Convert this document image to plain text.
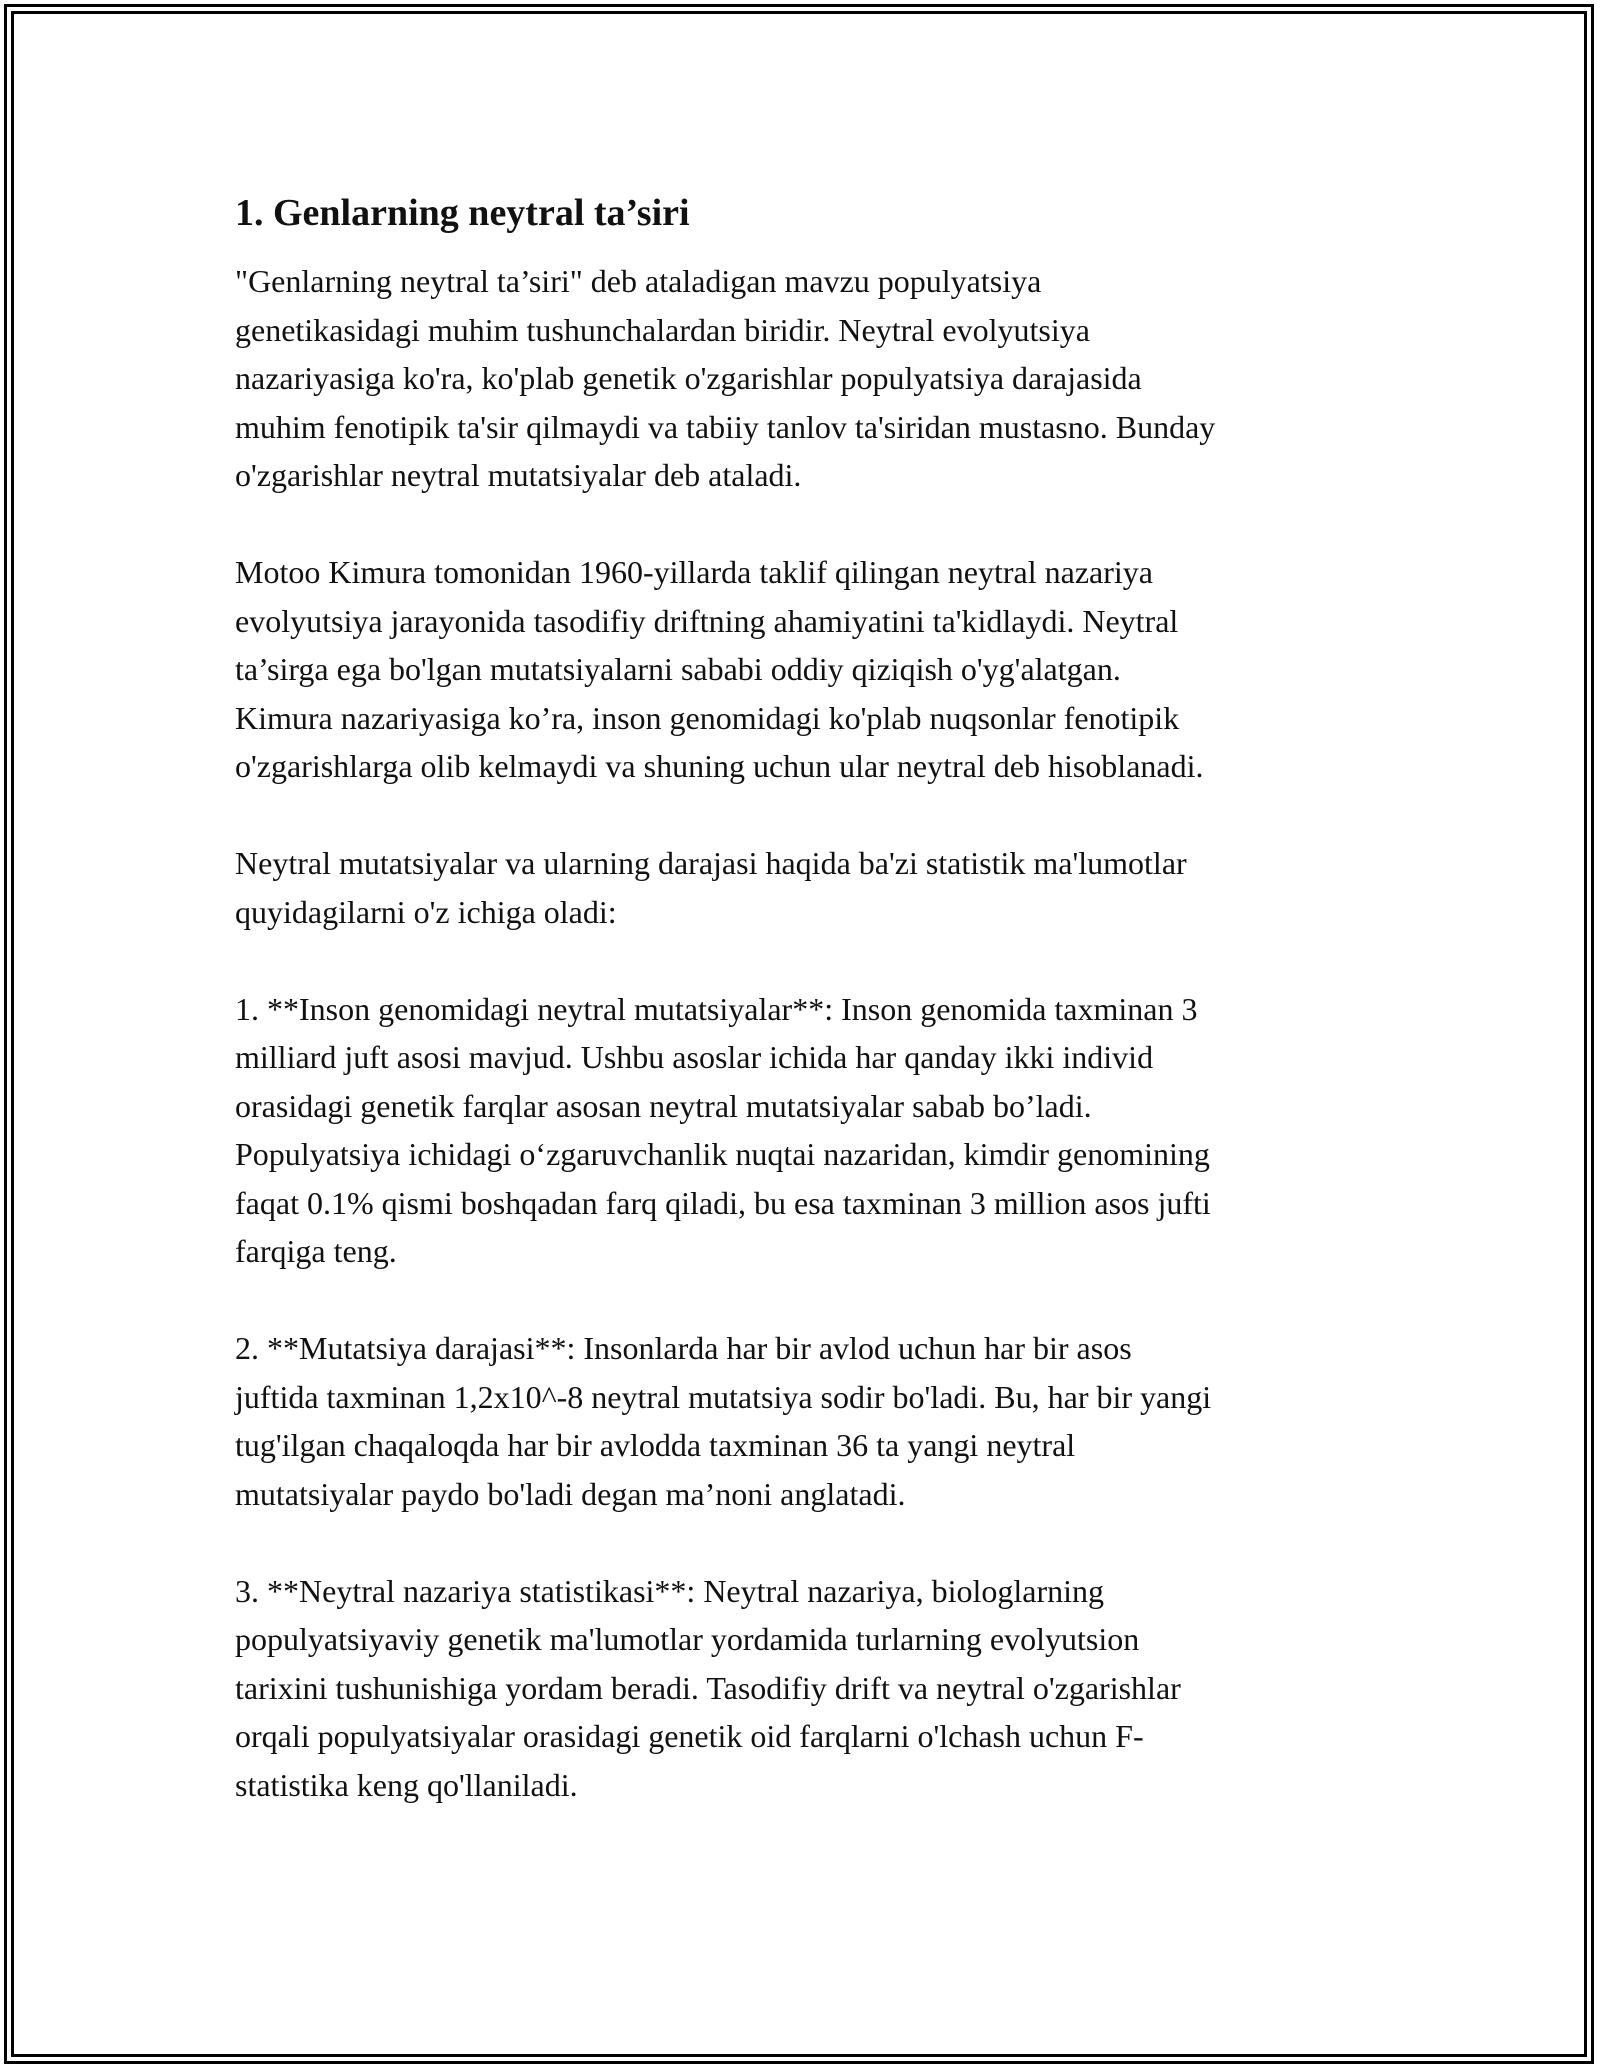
1. Genlarning neytral ta’siri

"Genlarning neytral ta’siri" deb ataladigan mavzu populyatsiya
genetikasidagi muhim tushunchalardan biridir. Neytral evolyutsiya
nazariyasiga ko'ra, ko'plab genetik o'zgarishlar populyatsiya darajasida
muhim fenotipik ta'sir qilmaydi va tabiiy tanlov ta'siridan mustasno. Bunday
o'zgarishlar neytral mutatsiyalar deb ataladi.

Motoo Kimura tomonidan 1960-yillarda taklif qilingan neytral nazariya
evolyutsiya jarayonida tasodifiy driftning ahamiyatini ta'kidlaydi. Neytral
ta’sirga ega bo'lgan mutatsiyalarni sababi oddiy qiziqish o'yg'alatgan.
Kimura nazariyasiga ko’ra, inson genomidagi ko'plab nuqsonlar fenotipik
o'zgarishlarga olib kelmaydi va shuning uchun ular neytral deb hisoblanadi.

Neytral mutatsiyalar va ularning darajasi haqida ba'zi statistik ma'lumotlar
quyidagilarni o'z ichiga oladi:

1. **Inson genomidagi neytral mutatsiyalar**: Inson genomida taxminan 3
milliard juft asosi mavjud. Ushbu asoslar ichida har qanday ikki individ
orasidagi genetik farqlar asosan neytral mutatsiyalar sabab bo’ladi.
Populyatsiya ichidagi o‘zgaruvchanlik nuqtai nazaridan, kimdir genomining
faqat 0.1% qismi boshqadan farq qiladi, bu esa taxminan 3 million asos jufti
farqiga teng.

2. **Mutatsiya darajasi**: Insonlarda har bir avlod uchun har bir asos
juftida taxminan 1,2x10^-8 neytral mutatsiya sodir bo'ladi. Bu, har bir yangi
tug'ilgan chaqaloqda har bir avlodda taxminan 36 ta yangi neytral
mutatsiyalar paydo bo'ladi degan ma’noni anglatadi.

3. **Neytral nazariya statistikasi**: Neytral nazariya, biologlarning
populyatsiyaviy genetik ma'lumotlar yordamida turlarning evolyutsion
tarixini tushunishiga yordam beradi. Tasodifiy drift va neytral o'zgarishlar
orqali populyatsiyalar orasidagi genetik oid farqlarni o'lchash uchun F-
statistika keng qo'llaniladi.
